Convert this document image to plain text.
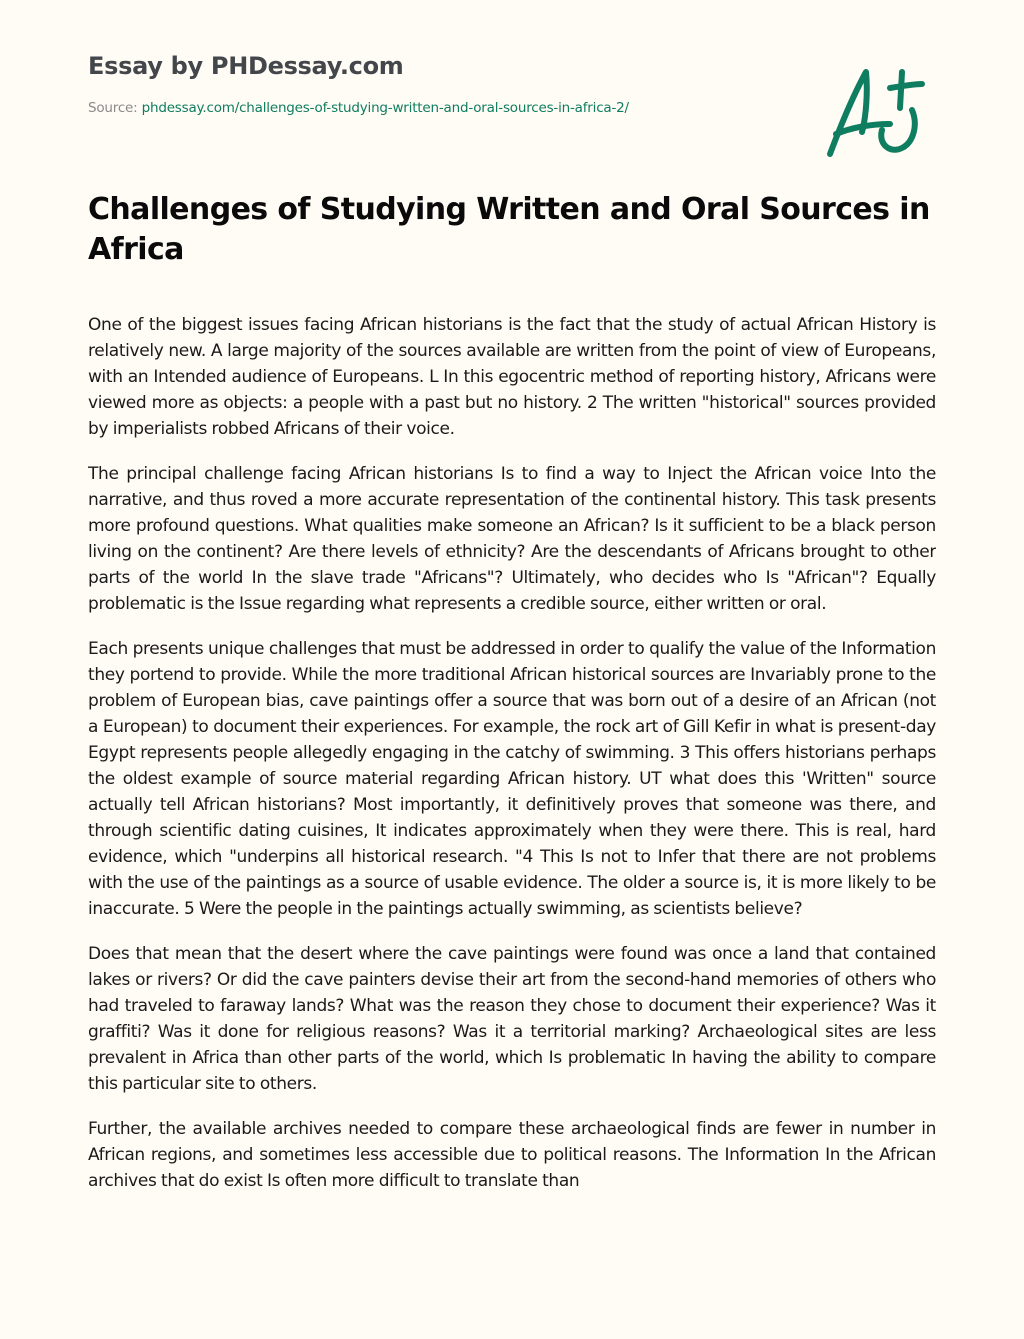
Essay by PHDessay.com
Source: phdessay.com/challenges-of-studying-written-and-oral-sources-in-africa-2/
Challenges of Studying Written and Oral Sources in Africa

One of the biggest issues facing African historians is the fact that the study of actual African History is relatively new. A large majority of the sources available are written from the point of view of Europeans, with an Intended audience of Europeans. L In this egocentric method of reporting history, Africans were viewed more as objects: a people with a past but no history. 2 The written "historical" sources provided by imperialists robbed Africans of their voice.

The principal challenge facing African historians Is to find a way to Inject the African voice Into the narrative, and thus roved a more accurate representation of the continental history. This task presents more profound questions. What qualities make someone an African? Is it sufficient to be a black person living on the continent? Are there levels of ethnicity? Are the descendants of Africans brought to other parts of the world In the slave trade "Africans"? Ultimately, who decides who Is "African"? Equally problematic is the Issue regarding what represents a credible source, either written or oral.

Each presents unique challenges that must be addressed in order to qualify the value of the Information they portend to provide. While the more traditional African historical sources are Invariably prone to the problem of European bias, cave paintings offer a source that was born out of a desire of an African (not a European) to document their experiences. For example, the rock art of Gill Kefir in what is present-day Egypt represents people allegedly engaging in the catchy of swimming. 3 This offers historians perhaps the oldest example of source material regarding African history. UT what does this 'Written" source actually tell African historians? Most importantly, it definitively proves that someone was there, and through scientific dating cuisines, It indicates approximately when they were there. This is real, hard evidence, which "underpins all historical research. "4 This Is not to Infer that there are not problems with the use of the paintings as a source of usable evidence. The older a source is, it is more likely to be inaccurate. 5 Were the people in the paintings actually swimming, as scientists believe?

Does that mean that the desert where the cave paintings were found was once a land that contained lakes or rivers? Or did the cave painters devise their art from the second-hand memories of others who had traveled to faraway lands? What was the reason they chose to document their experience? Was it graffiti? Was it done for religious reasons? Was it a territorial marking? Archaeological sites are less prevalent in Africa than other parts of the world, which Is problematic In having the ability to compare this particular site to others.

Further, the available archives needed to compare these archaeological finds are fewer in number in African regions, and sometimes less accessible due to political reasons. The Information In the African archives that do exist Is often more difficult to translate than
